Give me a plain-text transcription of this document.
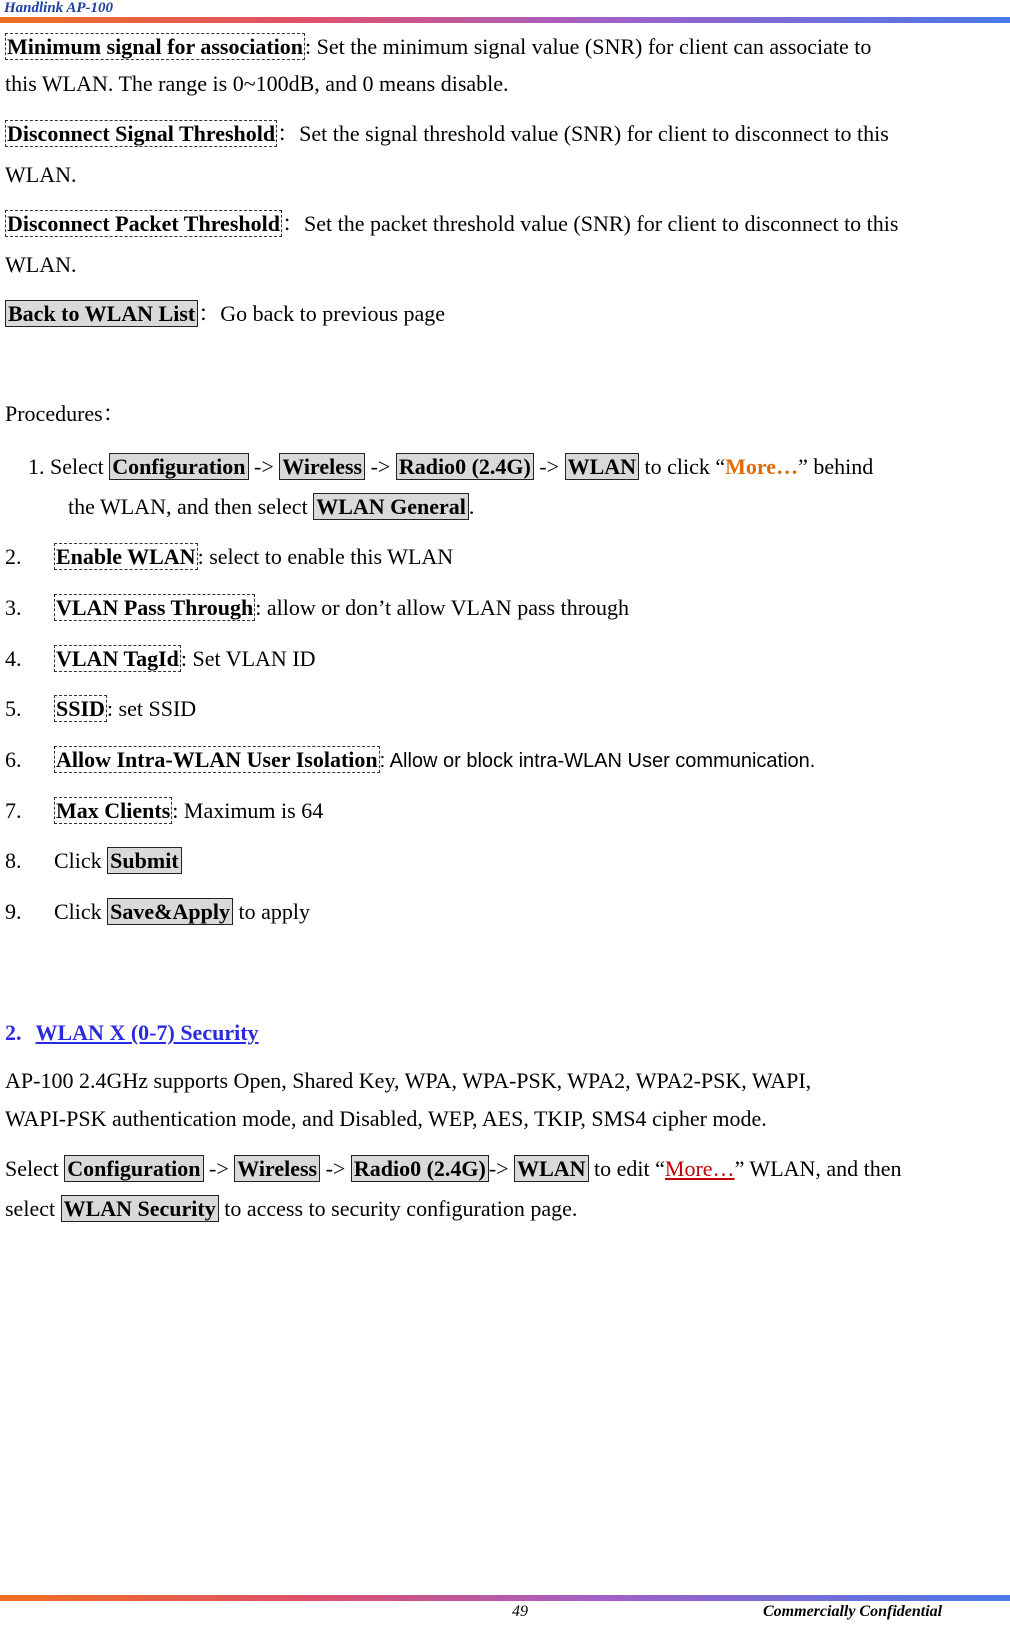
Handlink AP-100
Minimum signal for association: Set the minimum signal value (SNR) for client can associate to
this WLAN. The range is 0~100dB, and 0 means disable.
Disconnect Signal Threshold：Set the signal threshold value (SNR) for client to disconnect to this
WLAN.
Disconnect Packet Threshold：Set the packet threshold value (SNR) for client to disconnect to this
WLAN.
Back to WLAN List ：Go back to previous page
Procedures：
1. Select Configuration -> Wireless -> Radio0 (2.4G) -> WLAN to click “More…” behind
the WLAN, and then select WLAN General .
2. Enable WLAN: select to enable this WLAN
3. VLAN Pass Through: allow or don’t allow VLAN pass through
4. VLAN TagId: Set VLAN ID
5. SSID: set SSID
6. Allow Intra-WLAN User Isolation : Allow or block intra-WLAN User communication.
7. Max Clients: Maximum is 64
8. Click Submit
9. Click Save&Apply to apply
2. WLAN X (0-7) Security
AP-100 2.4GHz supports Open, Shared Key, WPA, WPA-PSK, WPA2, WPA2-PSK, WAPI,
WAPI-PSK authentication mode, and Disabled, WEP, AES, TKIP, SMS4 cipher mode.
Select Configuration -> Wireless -> Radio0 (2.4G) -> WLAN to edit “More…” WLAN, and then
select WLAN Security to access to security configuration page.
49	Commercially Confidential
